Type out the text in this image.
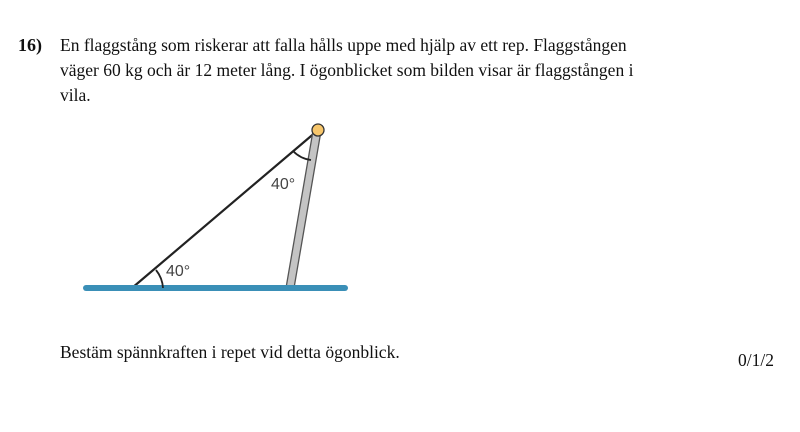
16) En flaggstång som riskerar att falla hålls uppe med hjälp av ett rep. Flaggstången
väger 60 kg och är 12 meter lång. I ögonblicket som bilden visar är flaggstången i
vila.
40°
40°
Bestäm spännkraften i repet vid detta ögonblick.	0/1/2
